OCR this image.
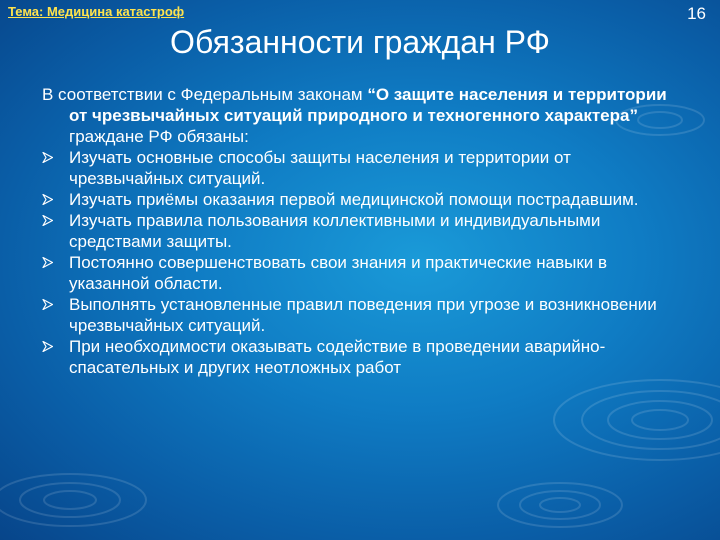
Тема: Медицина катастроф	16
Обязанности граждан РФ

В соответствии с Федеральным законам “О защите населения и территории от чрезвычайных ситуаций природного и техногенного характера” граждане РФ обязаны:

Изучать основные способы защиты населения и территории от чрезвычайных ситуаций.
Изучать приёмы оказания первой медицинской помощи пострадавшим.
Изучать правила пользования коллективными и индивидуальными средствами защиты.
Постоянно совершенствовать свои знания и практические навыки в указанной области.
Выполнять установленные правил поведения при угрозе и возникновении чрезвычайных ситуаций.
При необходимости оказывать содействие в проведении аварийно-спасательных и других неотложных работ
